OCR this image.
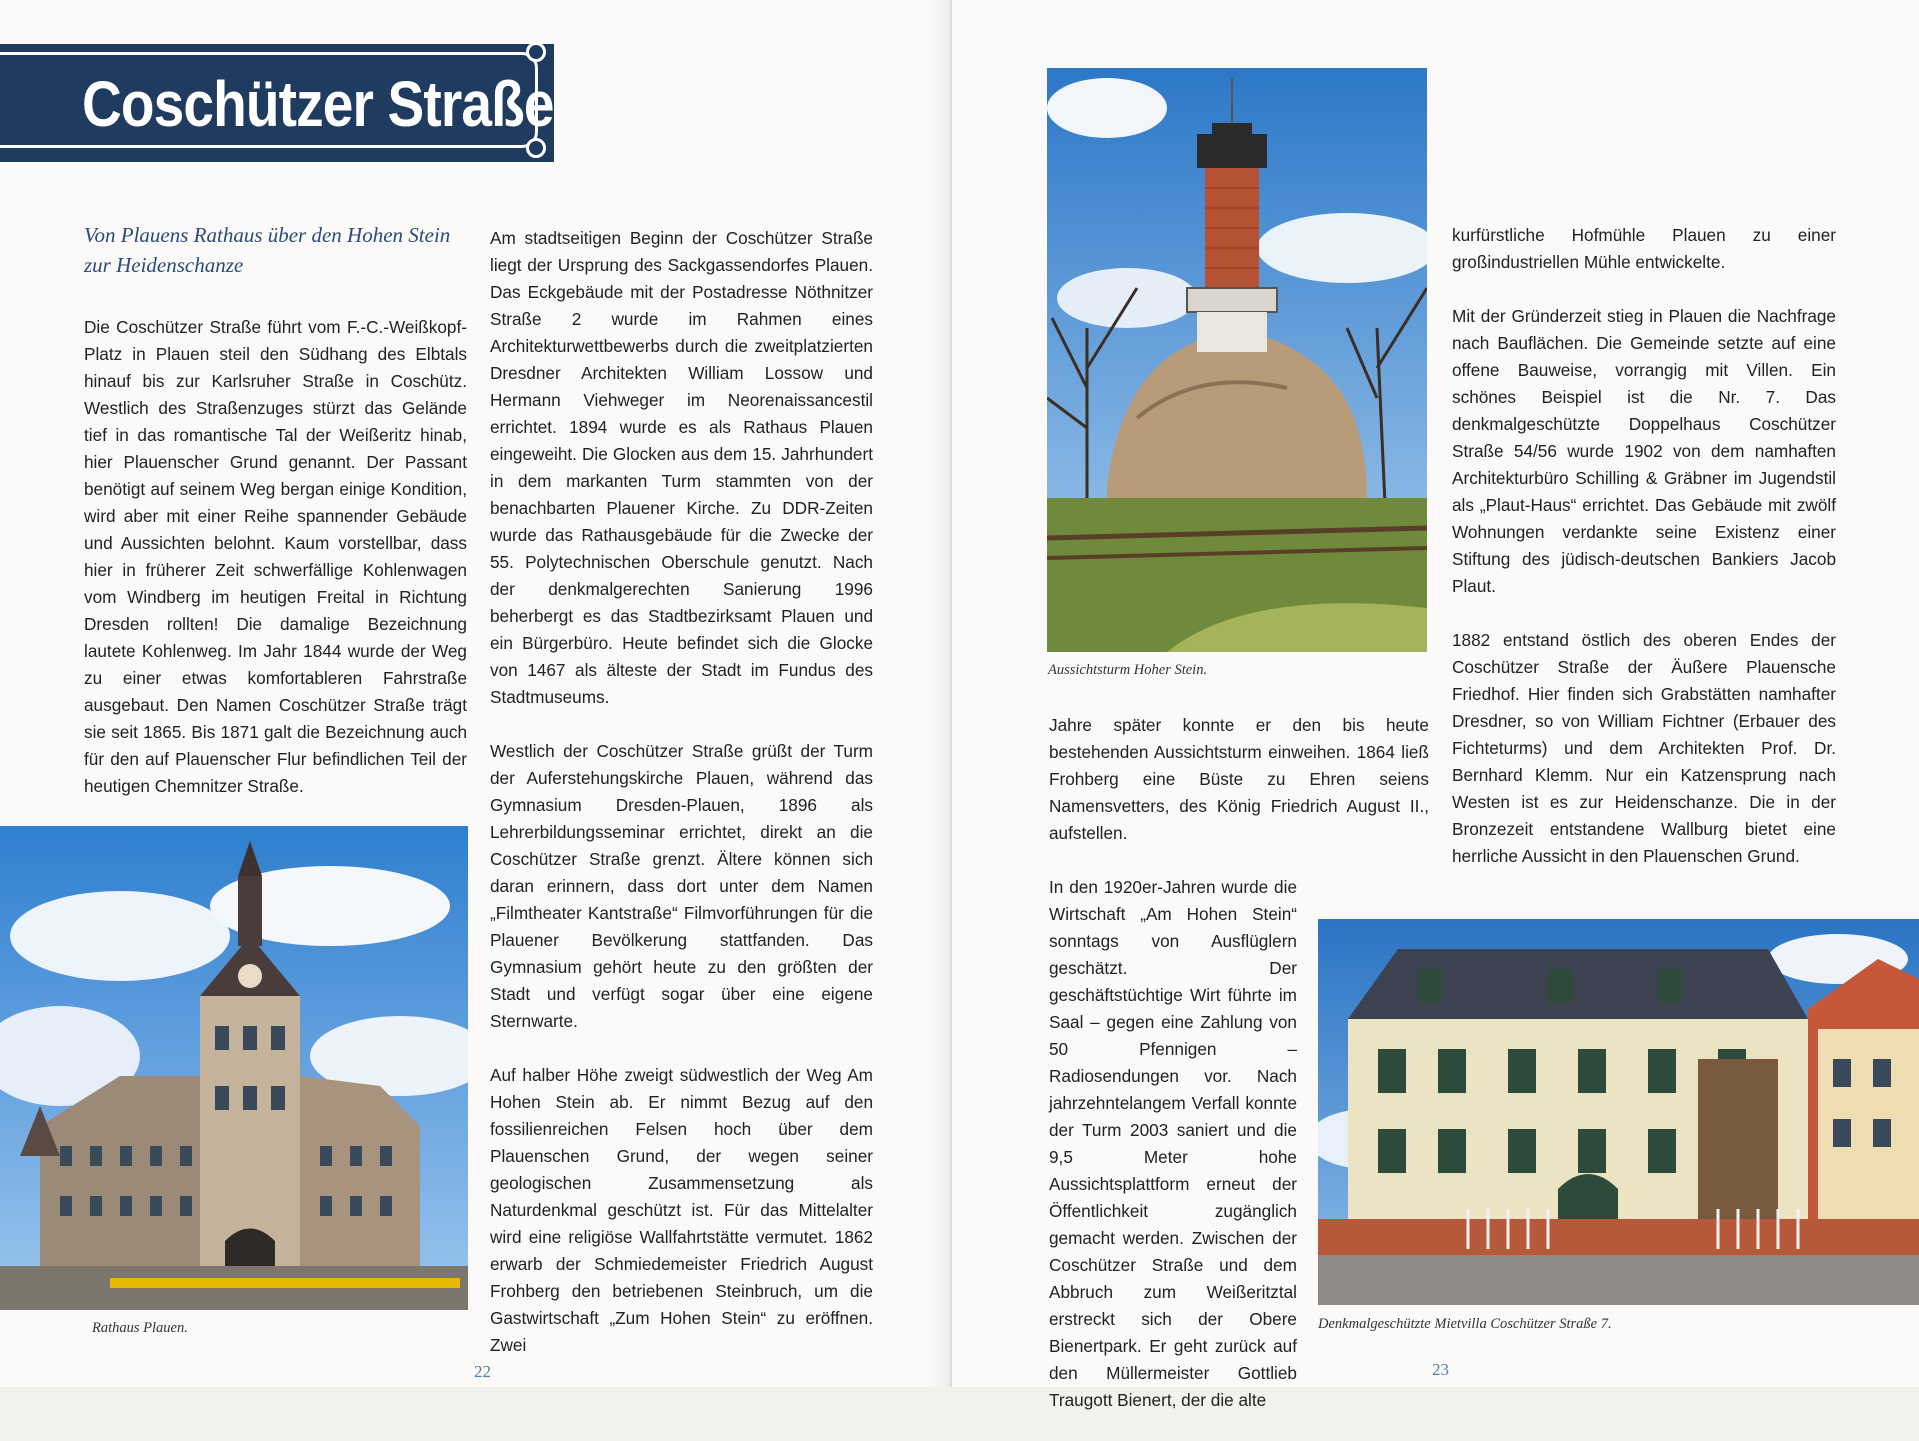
Coschützer Straße
Von Plauens Rathaus über den Hohen Stein zur Heidenschanze

Die Coschützer Straße führt vom F.-C.-Weißkopf-Platz in Plauen steil den Südhang des Elbtals hinauf bis zur Karlsruher Straße in Coschütz. Westlich des Straßenzuges stürzt das Gelände tief in das romantische Tal der Weißeritz hinab, hier Plauenscher Grund genannt. Der Passant benötigt auf seinem Weg bergan einige Kondition, wird aber mit einer Reihe spannender Gebäude und Aussichten belohnt. Kaum vorstellbar, dass hier in früherer Zeit schwerfällige Kohlenwagen vom Windberg im heutigen Freital in Richtung Dresden rollten! Die damalige Bezeichnung lautete Kohlenweg. Im Jahr 1844 wurde der Weg zu einer etwas komfortableren Fahrstraße ausgebaut. Den Namen Coschützer Straße trägt sie seit 1865. Bis 1871 galt die Bezeichnung auch für den auf Plauenscher Flur befindlichen Teil der heutigen Chemnitzer Straße.

Am stadtseitigen Beginn der Coschützer Straße liegt der Ursprung des Sackgassendorfes Plauen. Das Eckgebäude mit der Postadresse Nöthnitzer Straße 2 wurde im Rahmen eines Architekturwettbewerbs durch die zweitplatzierten Dresdner Architekten William Lossow und Hermann Viehweger im Neorenaissancestil errichtet. 1894 wurde es als Rathaus Plauen eingeweiht. Die Glocken aus dem 15. Jahrhundert in dem markanten Turm stammten von der benachbarten Plauener Kirche. Zu DDR-Zeiten wurde das Rathausgebäude für die Zwecke der 55. Polytechnischen Oberschule genutzt. Nach der denkmalgerechten Sanierung 1996 beherbergt es das Stadtbezirksamt Plauen und ein Bürgerbüro. Heute befindet sich die Glocke von 1467 als älteste der Stadt im Fundus des Stadtmuseums.

Westlich der Coschützer Straße grüßt der Turm der Auferstehungskirche Plauen, während das Gymnasium Dresden-Plauen, 1896 als Lehrerbildungsseminar errichtet, direkt an die Coschützer Straße grenzt. Ältere können sich daran erinnern, dass dort unter dem Namen „Filmtheater Kantstraße“ Filmvorführungen für die Plauener Bevölkerung stattfanden. Das Gymnasium gehört heute zu den größten der Stadt und verfügt sogar über eine eigene Sternwarte.

Auf halber Höhe zweigt südwestlich der Weg Am Hohen Stein ab. Er nimmt Bezug auf den fossilienreichen Felsen hoch über dem Plauenschen Grund, der wegen seiner geologischen Zusammensetzung als Naturdenkmal geschützt ist. Für das Mittelalter wird eine religiöse Wallfahrtstätte vermutet. 1862 erwarb der Schmiedemeister Friedrich August Frohberg den betriebenen Steinbruch, um die Gastwirtschaft „Zum Hohen Stein“ zu eröffnen. Zwei

Rathaus Plauen.
22
Aussichtsturm Hoher Stein.

Jahre später konnte er den bis heute bestehenden Aussichtsturm einweihen. 1864 ließ Frohberg eine Büste zu Ehren seiens Namensvetters, des König Friedrich August II., aufstellen.

In den 1920er-Jahren wurde die Wirtschaft „Am Hohen Stein“ sonntags von Ausflüglern geschätzt. Der geschäftstüchtige Wirt führte im Saal – gegen eine Zahlung von 50 Pfennigen – Radiosendungen vor. Nach jahrzehntelangem Verfall konnte der Turm 2003 saniert und die 9,5 Meter hohe Aussichtsplattform erneut der Öffentlichkeit zugänglich gemacht werden. Zwischen der Coschützer Straße und dem Abbruch zum Weißeritztal erstreckt sich der Obere Bienertpark. Er geht zurück auf den Müllermeister Gottlieb Traugott Bienert, der die alte

kurfürstliche Hofmühle Plauen zu einer großindustriellen Mühle entwickelte.

Mit der Gründerzeit stieg in Plauen die Nachfrage nach Bauflächen. Die Gemeinde setzte auf eine offene Bauweise, vorrangig mit Villen. Ein schönes Beispiel ist die Nr. 7. Das denkmalgeschützte Doppelhaus Coschützer Straße 54/56 wurde 1902 von dem namhaften Architekturbüro Schilling & Gräbner im Jugendstil als „Plaut-Haus“ errichtet. Das Gebäude mit zwölf Wohnungen verdankte seine Existenz einer Stiftung des jüdisch-deutschen Bankiers Jacob Plaut.

1882 entstand östlich des oberen Endes der Coschützer Straße der Äußere Plauensche Friedhof. Hier finden sich Grabstätten namhafter Dresdner, so von William Fichtner (Erbauer des Fichteturms) und dem Architekten Prof. Dr. Bernhard Klemm. Nur ein Katzensprung nach Westen ist es zur Heidenschanze. Die in der Bronzezeit entstandene Wallburg bietet eine herrliche Aussicht in den Plauenschen Grund.

Denkmalgeschützte Mietvilla Coschützer Straße 7.
23
